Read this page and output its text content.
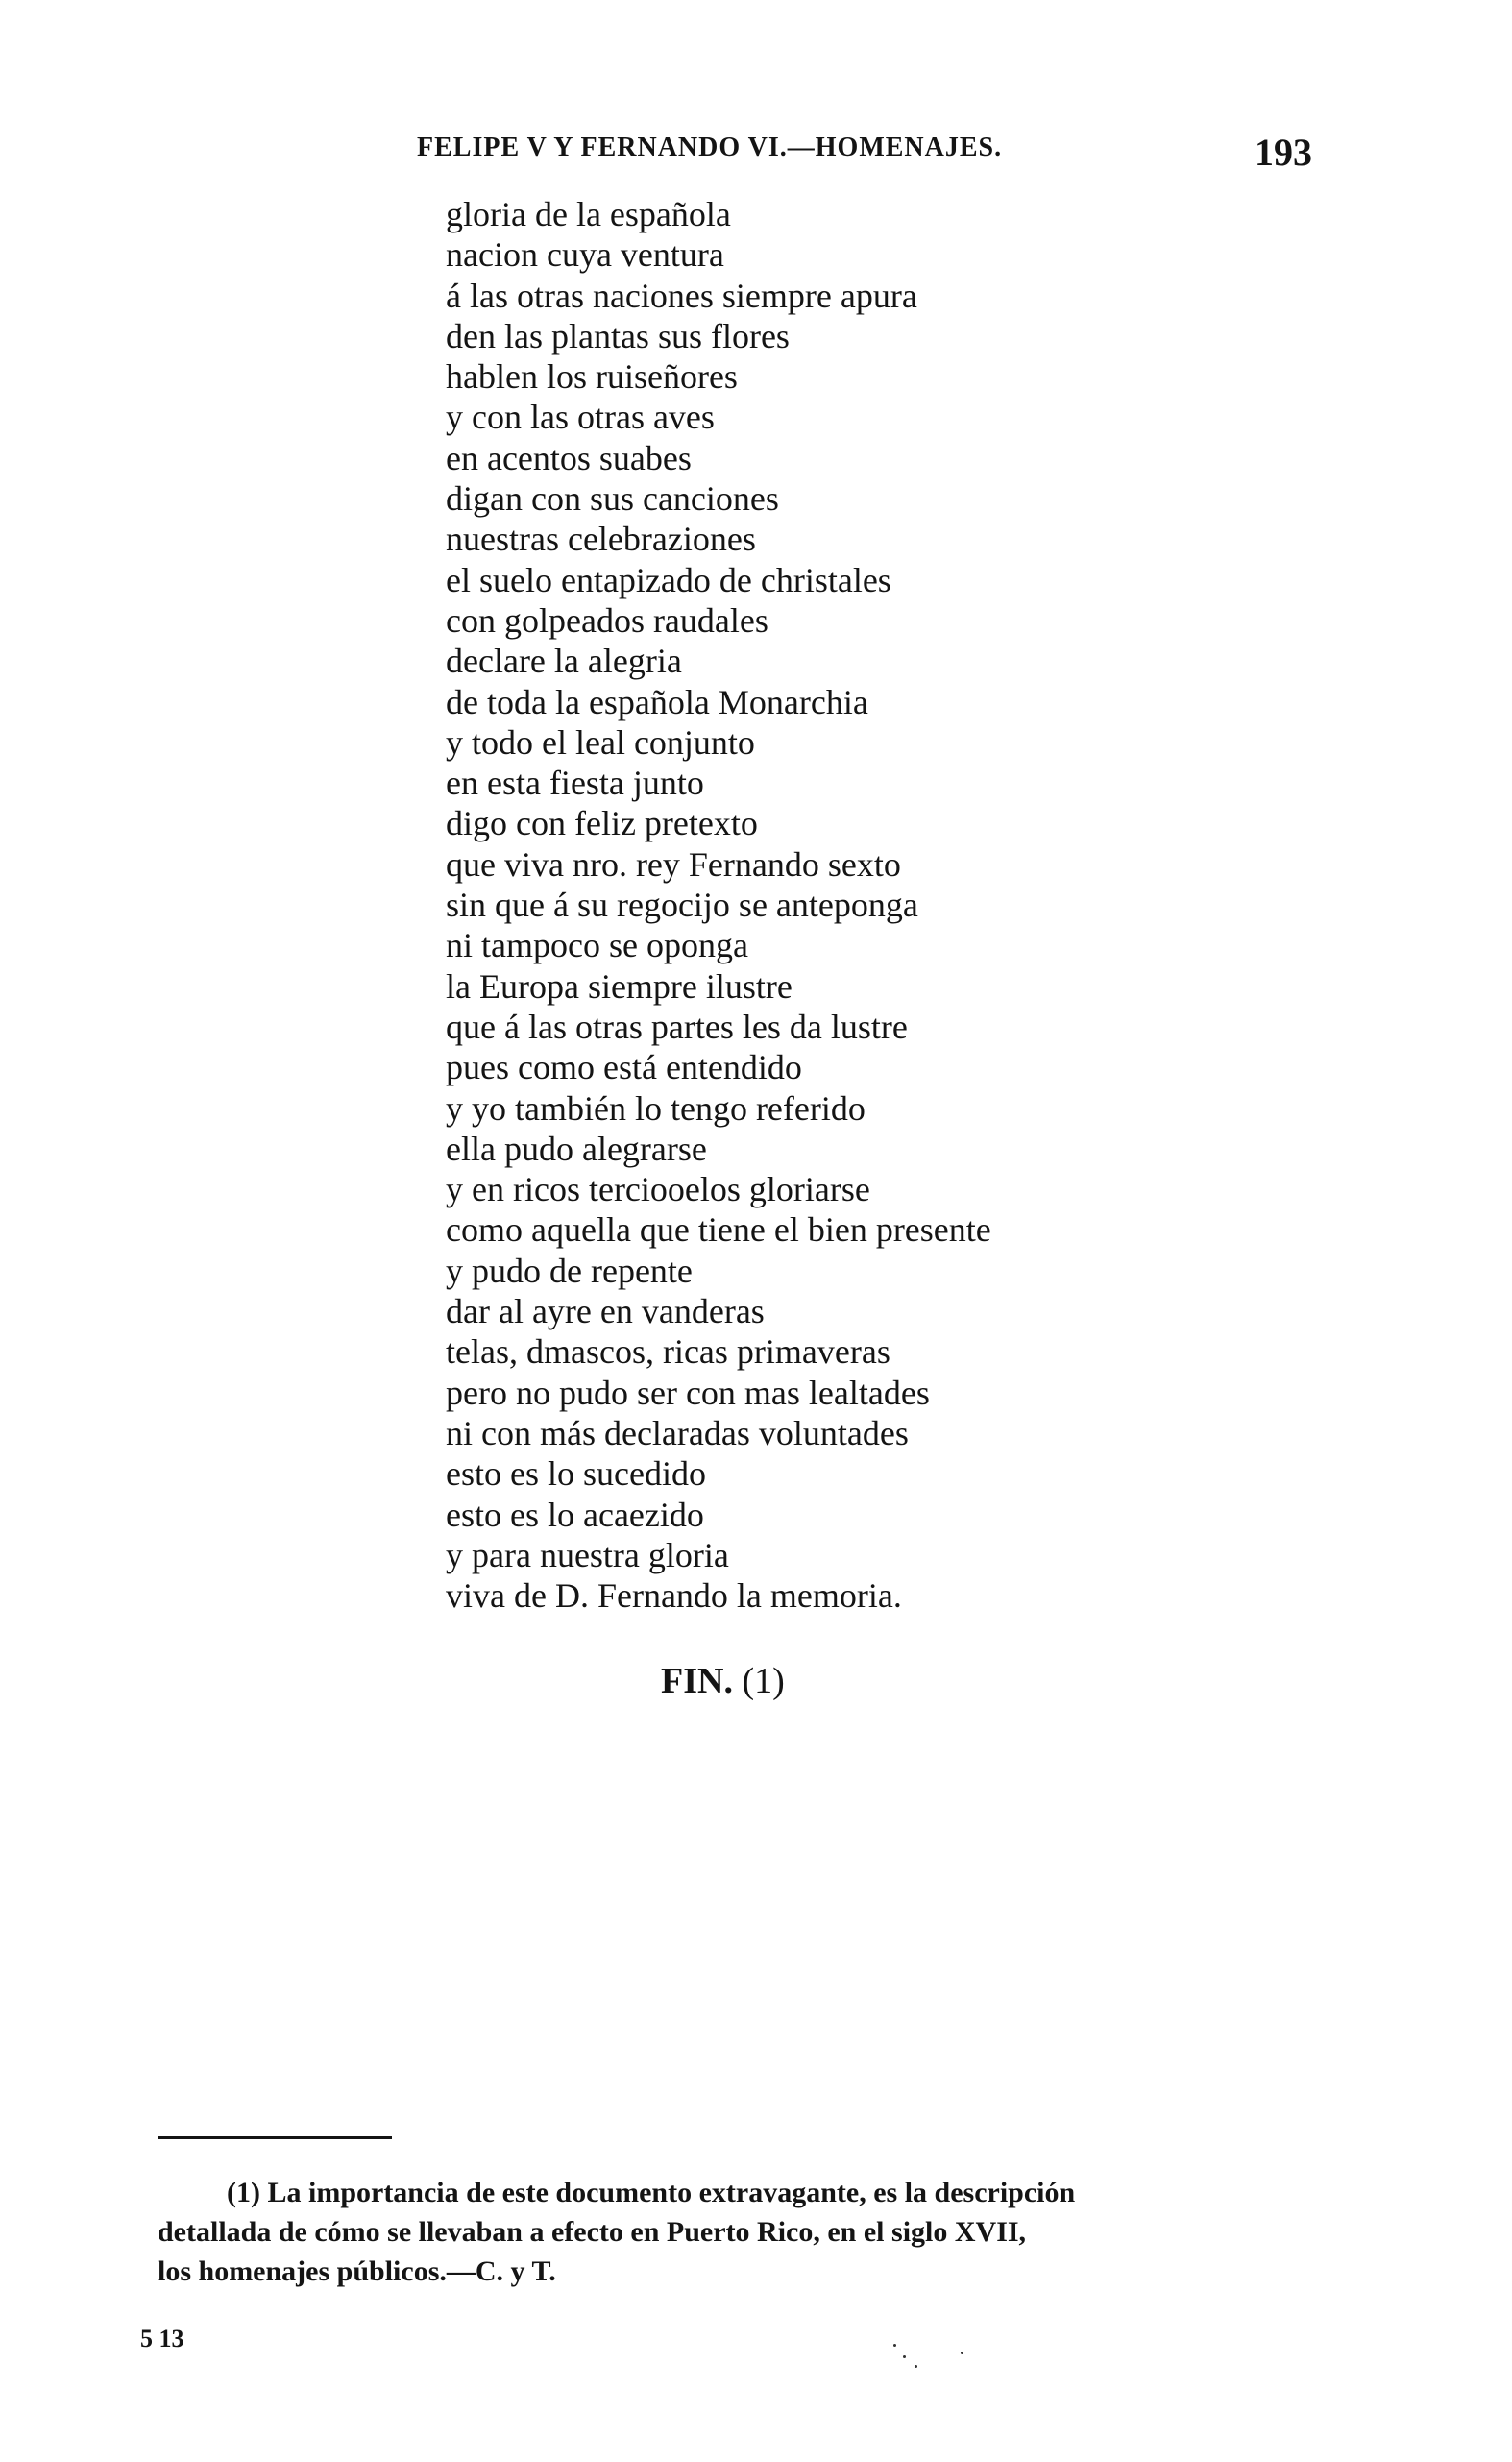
FELIPE V Y FERNANDO VI.—HOMENAJES.	193
gloria de la española
nacion cuya ventura
á las otras naciones siempre apura
den las plantas sus flores
hablen los ruiseñores
y con las otras aves
en acentos suabes
digan con sus canciones
nuestras celebraziones
el suelo entapizado de christales
con golpeados raudales
declare la alegria
de toda la española Monarchia
y todo el leal conjunto
en esta fiesta junto
digo con feliz pretexto
que viva nro. rey Fernando sexto
sin que á su regocijo se anteponga
ni tampoco se oponga
la Europa siempre ilustre
que á las otras partes les da lustre
pues como está entendido
y yo también lo tengo referido
ella pudo alegrarse
y en ricos terciooelos gloriarse
como aquella que tiene el bien presente
y pudo de repente
dar al ayre en vanderas
telas, dmascos, ricas primaveras
pero no pudo ser con mas lealtades
ni con más declaradas voluntades
esto es lo sucedido
esto es lo acaezido
y para nuestra gloria
viva de D. Fernando la memoria.
FIN. (1)
(1) La importancia de este documento extravagante, es la descripción
detallada de cómo se llevaban a efecto en Puerto Rico, en el siglo XVII,
los homenajes públicos.—C. y T.
5 13
